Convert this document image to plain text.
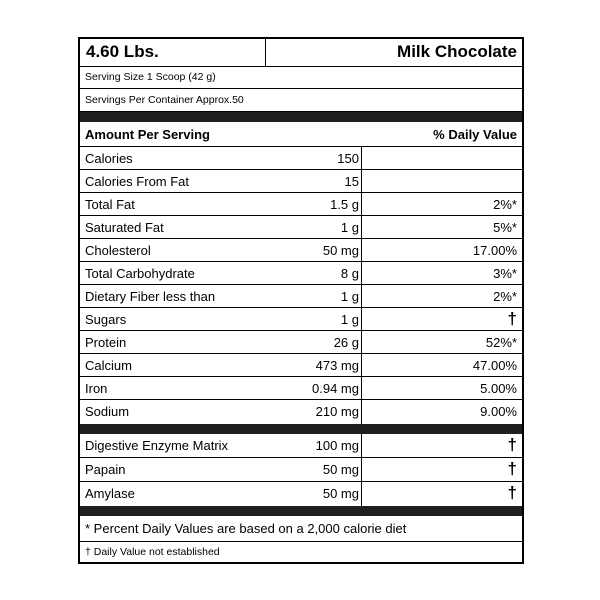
4.60 Lbs.	Milk Chocolate
Serving Size 1 Scoop (42 g)
Servings Per Container Approx.50
Amount Per Serving	% Daily Value
Calories	150
Calories From Fat	15
Total Fat	1.5 g	2%*
Saturated Fat	1 g	5%*
Cholesterol	50 mg	17.00%
Total Carbohydrate	8 g	3%*
Dietary Fiber less than	1 g	2%*
Sugars	1 g	†
Protein	26 g	52%*
Calcium	473 mg	47.00%
Iron	0.94 mg	5.00%
Sodium	210 mg	9.00%
Digestive Enzyme Matrix	100 mg	†
Papain	50 mg	†
Amylase	50 mg	†
* Percent Daily Values are based on a 2,000 calorie diet
† Daily Value not established
